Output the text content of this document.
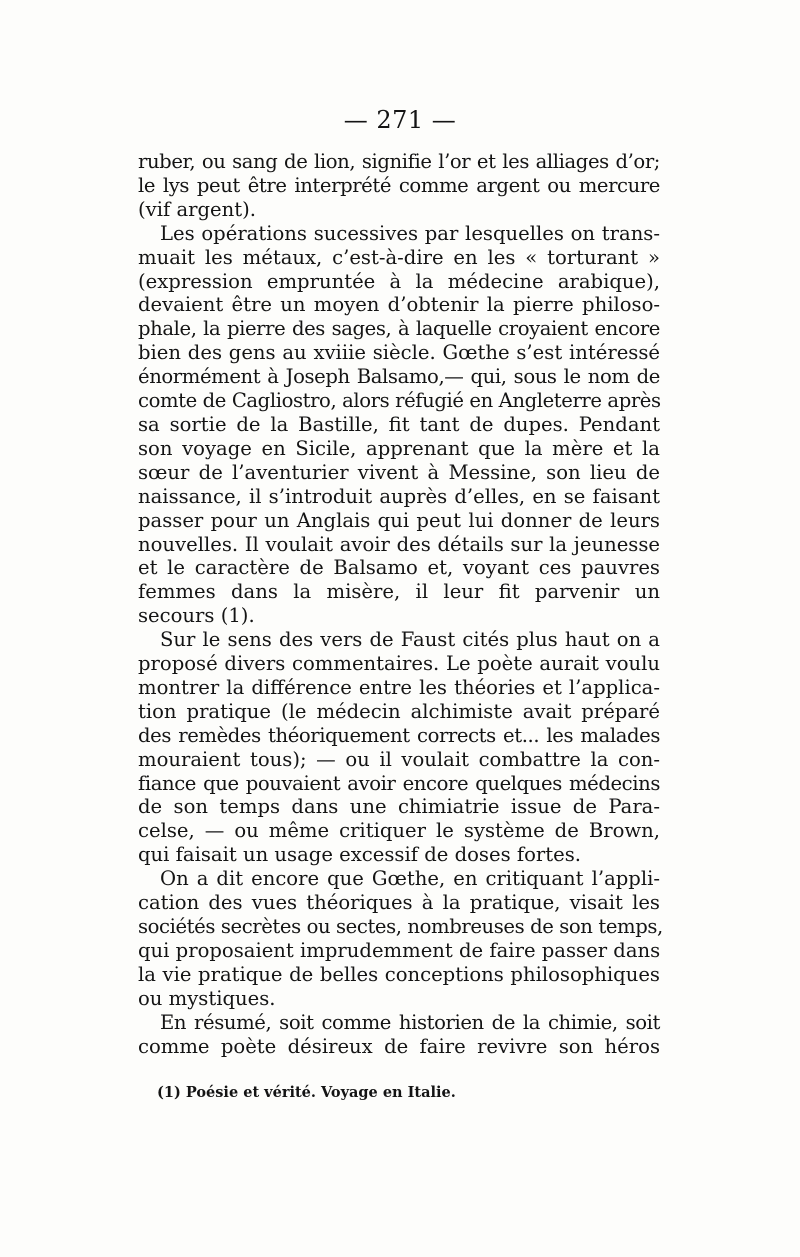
— 271 —

ruber, ou sang de lion, signifie l’or et les alliages d’or;
le lys peut être interprété comme argent ou mercure
(vif argent).

Les opérations sucessives par lesquelles on trans-
muait les métaux, c’est-à-dire en les « torturant »
(expression empruntée à la médecine arabique),
devaient être un moyen d’obtenir la pierre philoso-
phale, la pierre des sages, à laquelle croyaient encore
bien des gens au xviiie siècle. Gœthe s’est intéressé
énormément à Joseph Balsamo,— qui, sous le nom de
comte de Cagliostro, alors réfugié en Angleterre après
sa sortie de la Bastille, fit tant de dupes. Pendant
son voyage en Sicile, apprenant que la mère et la
sœur de l’aventurier vivent à Messine, son lieu de
naissance, il s’introduit auprès d’elles, en se faisant
passer pour un Anglais qui peut lui donner de leurs
nouvelles. Il voulait avoir des détails sur la jeunesse
et le caractère de Balsamo et, voyant ces pauvres
femmes dans la misère, il leur fit parvenir un
secours (1).

Sur le sens des vers de Faust cités plus haut on a
proposé divers commentaires. Le poète aurait voulu
montrer la différence entre les théories et l’applica-
tion pratique (le médecin alchimiste avait préparé
des remèdes théoriquement corrects et... les malades
mouraient tous); — ou il voulait combattre la con-
fiance que pouvaient avoir encore quelques médecins
de son temps dans une chimiatrie issue de Para-
celse, — ou même critiquer le système de Brown,
qui faisait un usage excessif de doses fortes.

On a dit encore que Gœthe, en critiquant l’appli-
cation des vues théoriques à la pratique, visait les
sociétés secrètes ou sectes, nombreuses de son temps,
qui proposaient imprudemment de faire passer dans
la vie pratique de belles conceptions philosophiques
ou mystiques.

En résumé, soit comme historien de la chimie, soit
comme poète désireux de faire revivre son héros

(1) Poésie et vérité. Voyage en Italie.
